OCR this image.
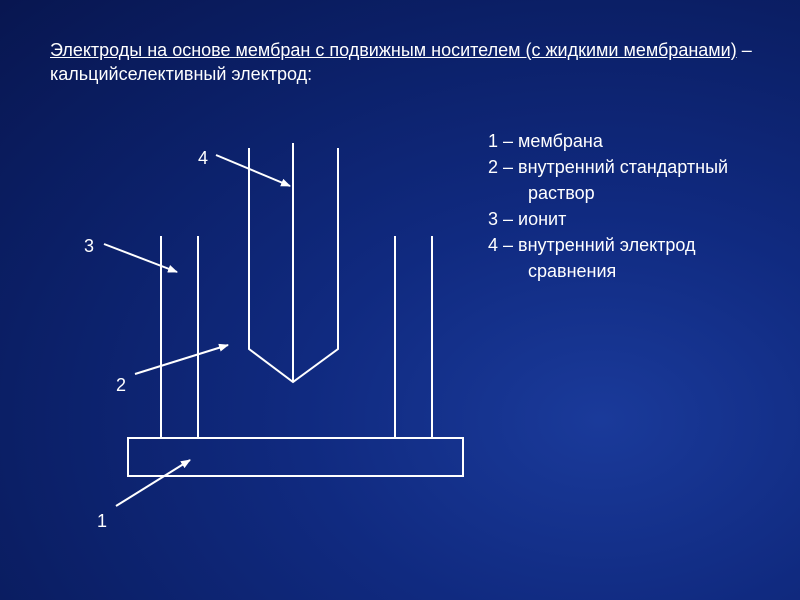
Электроды на основе мембран с подвижным носителем (с жидкими мембранами) – кальцийселективный электрод:
1
2
3
4
1 – мембрана
2 – внутренний стандартный
раствор
3 – ионит
4 – внутренний электрод
сравнения
